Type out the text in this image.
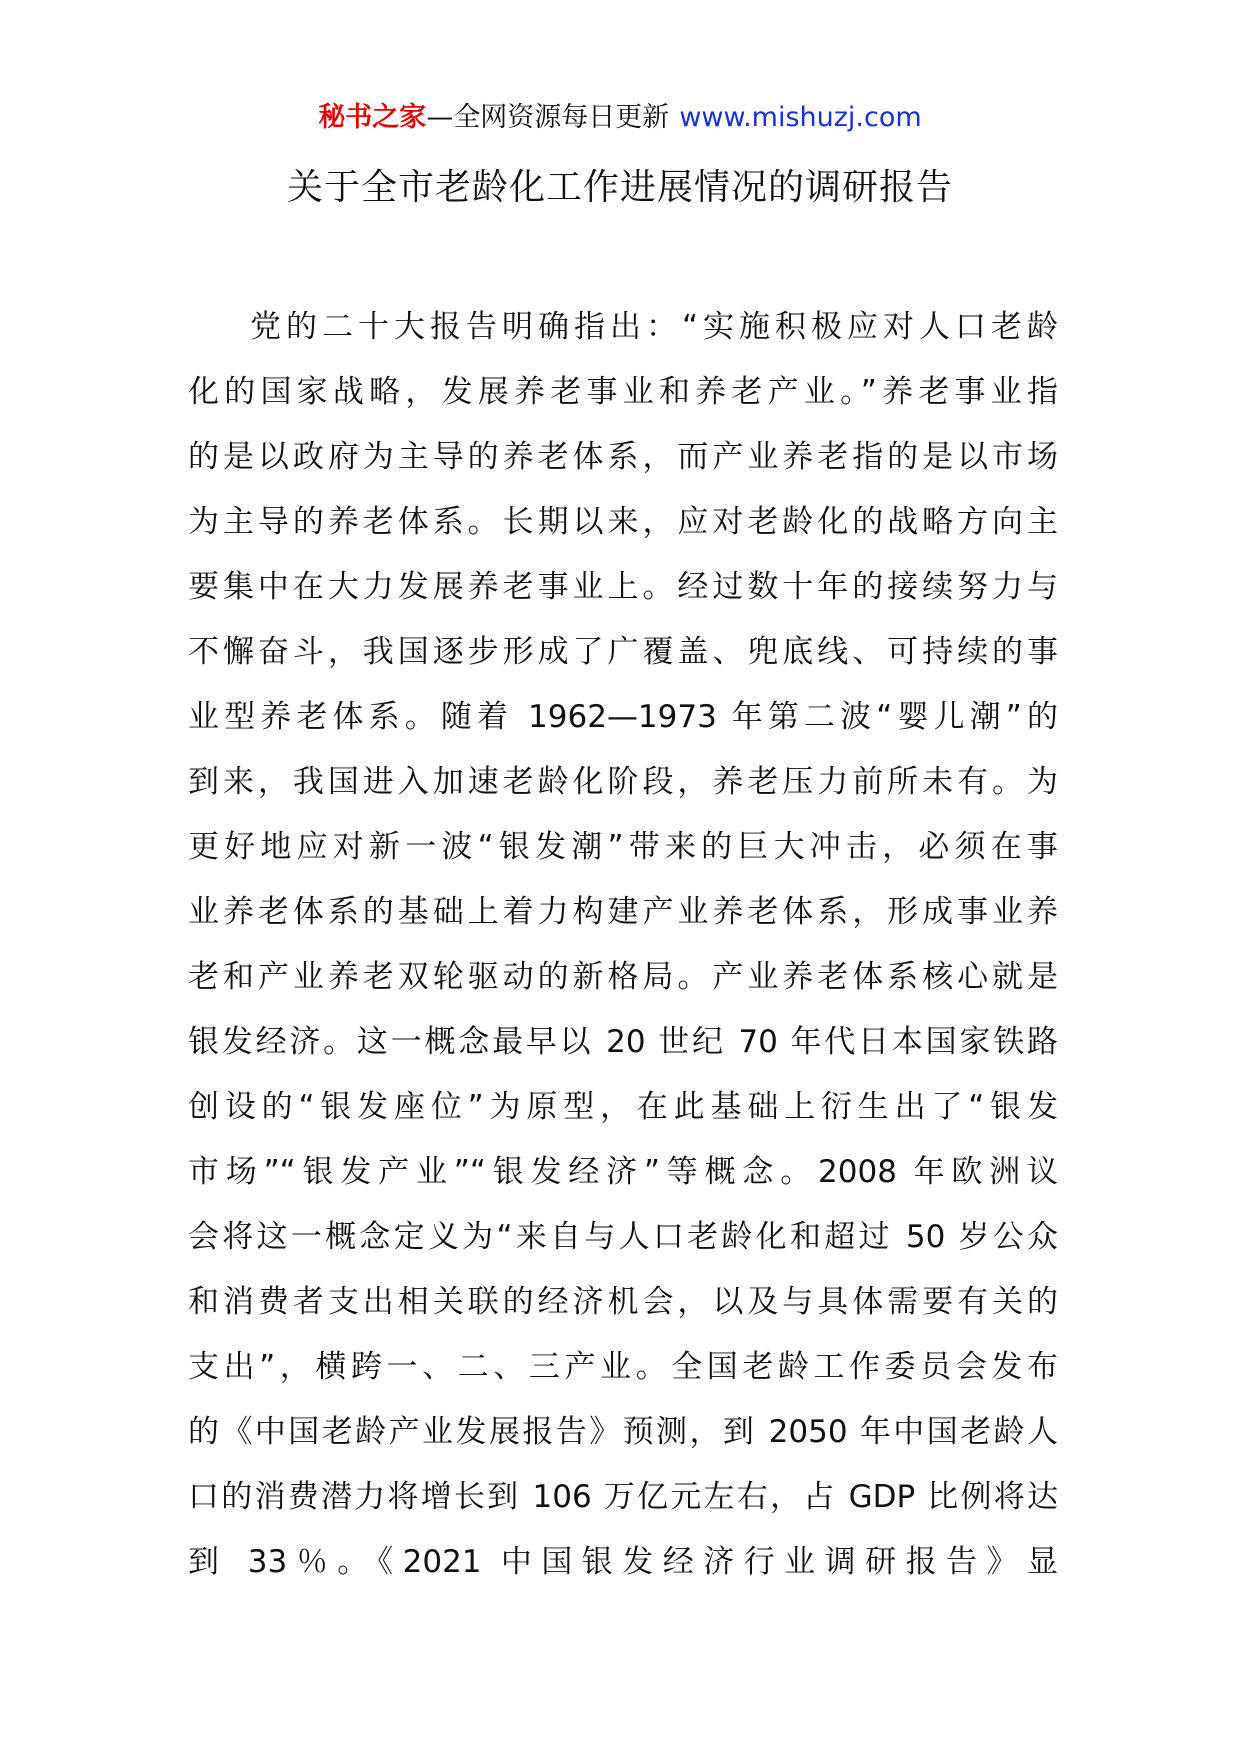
秘书之家—全网资源每日更新 www.mishuzj.com
关于全市老龄化工作进展情况的调研报告
党的二十大报告明确指出：“实施积极应对人口老龄
化的国家战略，发展养老事业和养老产业。”养老事业指
的是以政府为主导的养老体系，而产业养老指的是以市场
为主导的养老体系。长期以来，应对老龄化的战略方向主
要集中在大力发展养老事业上。经过数十年的接续努力与
不懈奋斗，我国逐步形成了广覆盖、兜底线、可持续的事
业型养老体系。随着 1962—1973 年第二波“婴儿潮”的
到来，我国进入加速老龄化阶段，养老压力前所未有。为
更好地应对新一波“银发潮”带来的巨大冲击，必须在事
业养老体系的基础上着力构建产业养老体系，形成事业养
老和产业养老双轮驱动的新格局。产业养老体系核心就是
银发经济。这一概念最早以 20 世纪 70 年代日本国家铁路
创设的“银发座位”为原型，在此基础上衍生出了“银发
市场”“银发产业”“银发经济”等概念。2008 年欧洲议
会将这一概念定义为“来自与人口老龄化和超过 50 岁公众
和消费者支出相关联的经济机会，以及与具体需要有关的
支出”，横跨一、二、三产业。全国老龄工作委员会发布
的《中国老龄产业发展报告》预测，到 2050 年中国老龄人
口的消费潜力将增长到 106 万亿元左右，占 GDP 比例将达
到 33％。《2021 中国银发经济行业调研报告》显
